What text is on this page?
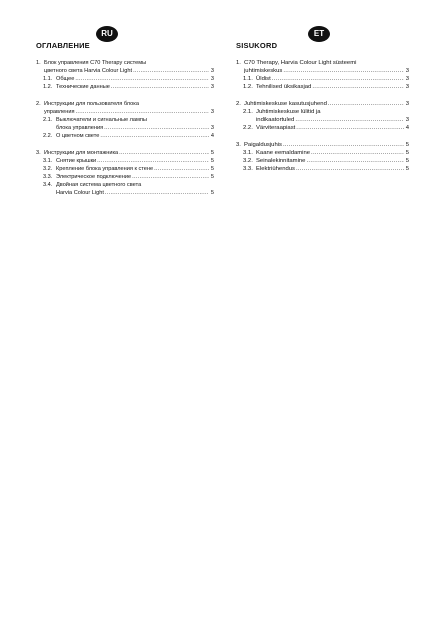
RU
ОГЛАВЛЕНИЕ
1. Блок управления C70 Therapy системы
цветного света Harvia Colour Light .....	3
1.1. Общее .....	3
1.2. Технические данные .....	3
2. Инструкции для пользователя блока
управления .....	3
2.1. Выключатели и сигнальные лампы
блока управления .....	3
2.2. О цветном свете .....	4
3. Инструкции для монтажника .....	5
3.1. Снятие крышки .....	5
3.2. Крепление блока управления к стене .....	5
3.3. Электрическое подключение .....	5
3.4. Двойная система цветного света
Harvia Colour Light .....	5
ET
SISUKORD
1. C70 Therapy, Harvia Colour Light süsteemi
juhtimiskeskus .....	3
1.1. Üldist .....	3
1.2. Tehnilised üksikasjad .....	3
2. Juhtimiskeskuse kasutusjuhend .....	3
2.1. Juhtimiskeskuse lülitid ja
indikaatortuled .....	3
2.2. Värviteraapiast .....	4
3. Paigaldusjuhis .....	5
3.1. Kaane eemaldamine .....	5
3.2. Seinalekinnitamine .....	5
3.3. Elektriühendus .....	5
